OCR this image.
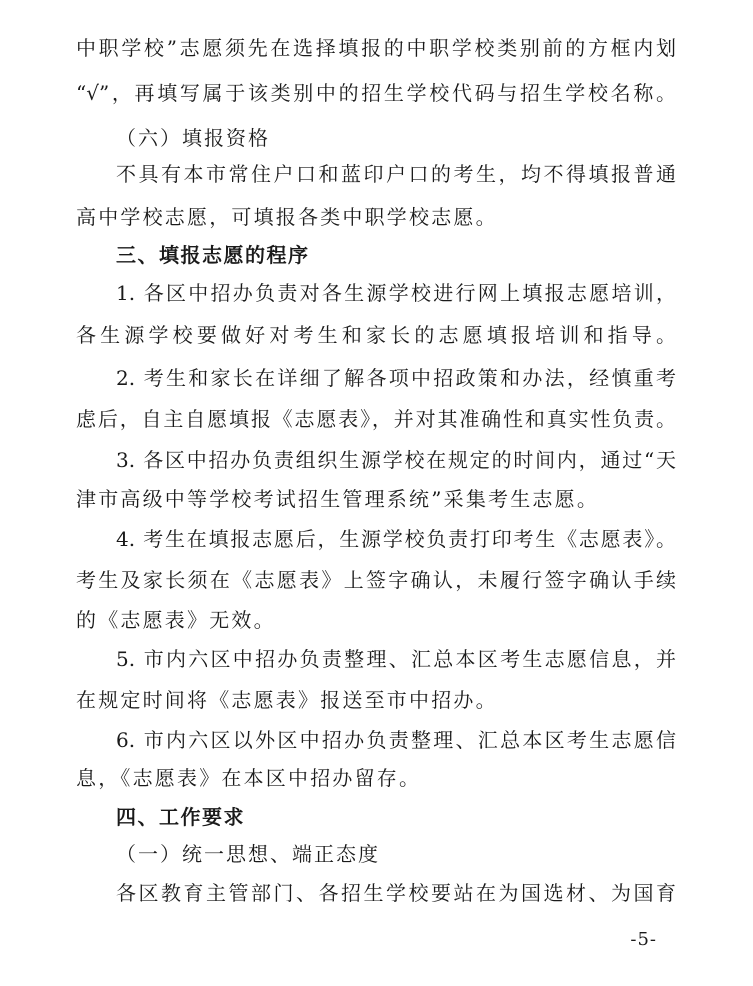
中职学校”志愿须先在选择填报的中职学校类别前的方框内划
“√”，再填写属于该类别中的招生学校代码与招生学校名称。
（六）填报资格
不具有本市常住户口和蓝印户口的考生，均不得填报普通
高中学校志愿，可填报各类中职学校志愿。
三、填报志愿的程序
1. 各区中招办负责对各生源学校进行网上填报志愿培训，
各生源学校要做好对考生和家长的志愿填报培训和指导。
2. 考生和家长在详细了解各项中招政策和办法，经慎重考
虑后，自主自愿填报《志愿表》，并对其准确性和真实性负责。
3. 各区中招办负责组织生源学校在规定的时间内，通过“天
津市高级中等学校考试招生管理系统”采集考生志愿。
4. 考生在填报志愿后，生源学校负责打印考生《志愿表》。
考生及家长须在《志愿表》上签字确认，未履行签字确认手续
的《志愿表》无效。
5. 市内六区中招办负责整理、汇总本区考生志愿信息，并
在规定时间将《志愿表》报送至市中招办。
6. 市内六区以外区中招办负责整理、汇总本区考生志愿信
息，《志愿表》在本区中招办留存。
四、工作要求
（一）统一思想、端正态度
各区教育主管部门、各招生学校要站在为国选材、为国育
-5-
